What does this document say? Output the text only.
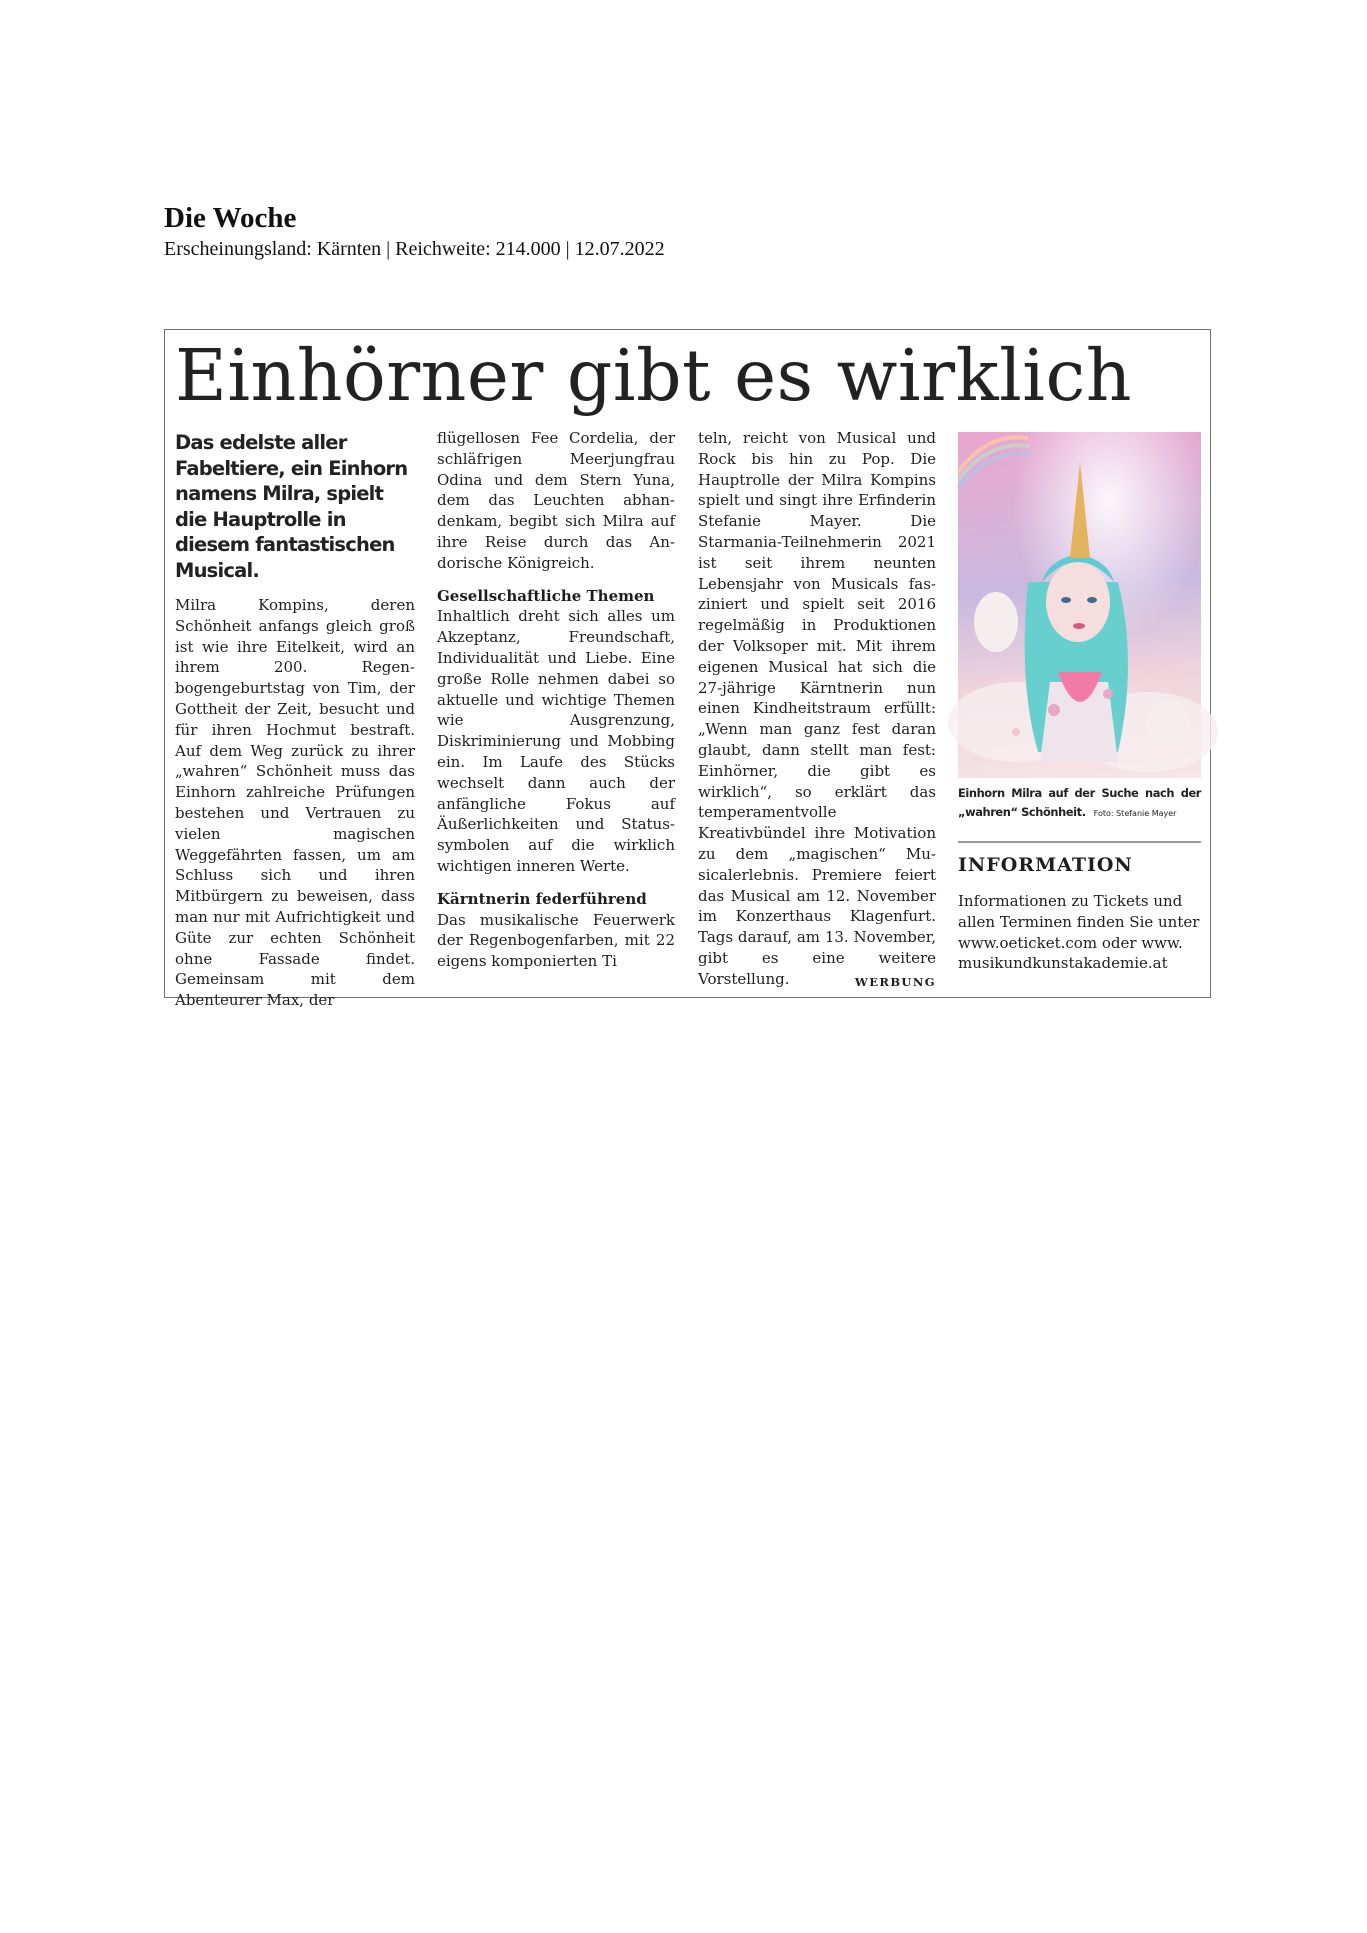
Die Woche
Erscheinungsland: Kärnten | Reichweite: 214.000 | 12.07.2022
Einhörner gibt es wirklich

Das edelste aller Fabeltiere, ein Einhorn namens Milra, spielt die Hauptrolle in diesem fantastischen Musical.

Milra Kompins, deren Schönheit anfangs gleich groß ist wie ihre Eitelkeit, wird an ihrem 200. Regenbogengeburtstag von Tim, der Gottheit der Zeit, besucht und für ihren Hochmut bestraft. Auf dem Weg zurück zu ihrer „wahren“ Schönheit muss das Einhorn zahlreiche Prüfungen bestehen und Vertrauen zu vielen magischen Weggefährten fassen, um am Schluss sich und ihren Mitbürgern zu beweisen, dass man nur mit Aufrichtigkeit und Güte zur echten Schönheit ohne Fassade findet. Gemeinsam mit dem Abenteurer Max, der

flügellosen Fee Cordelia, der schläfrigen Meerjungfrau Odina und dem Stern Yuna, dem das Leuchten abhandenkam, begibt sich Milra auf ihre Reise durch das Andorische Königreich.

Gesellschaftliche Themen

Inhaltlich dreht sich alles um Akzeptanz, Freundschaft, Individualität und Liebe. Eine große Rolle nehmen dabei so aktuelle und wichtige Themen wie Ausgrenzung, Diskriminierung und Mobbing ein. Im Laufe des Stücks wechselt dann auch der anfängliche Fokus auf Äußerlichkeiten und Statussymbolen auf die wirklich wichtigen inneren Werte.

Kärntnerin federführend

Das musikalische Feuerwerk der Regenbogenfarben, mit 22 eigens komponierten Ti

teln, reicht von Musical und Rock bis hin zu Pop. Die Hauptrolle der Milra Kompins spielt und singt ihre Erfinderin Stefanie Mayer. Die Starmania-Teilnehmerin 2021 ist seit ihrem neunten Lebensjahr von Musicals fasziniert und spielt seit 2016 regelmäßig in Produktionen der Volksoper mit. Mit ihrem eigenen Musical hat sich die 27-jährige Kärntnerin nun einen Kindheitstraum erfüllt: „Wenn man ganz fest daran glaubt, dann stellt man fest: Einhörner, die gibt es wirklich“, so erklärt das temperamentvolle Kreativbündel ihre Motivation zu dem „magischen“ Musicalerlebnis. Premiere feiert das Musical am 12. November im Konzerthaus Klagenfurt. Tags darauf, am 13. November, gibt es eine weitere Vorstellung.	WERBUNG

Einhorn Milra auf der Suche nach der „wahren“ Schönheit. Foto: Stefanie Mayer
INFORMATION
Informationen zu Tickets und allen Terminen finden Sie unter www.oeticket.com oder www. musikundkunstakademie.at
